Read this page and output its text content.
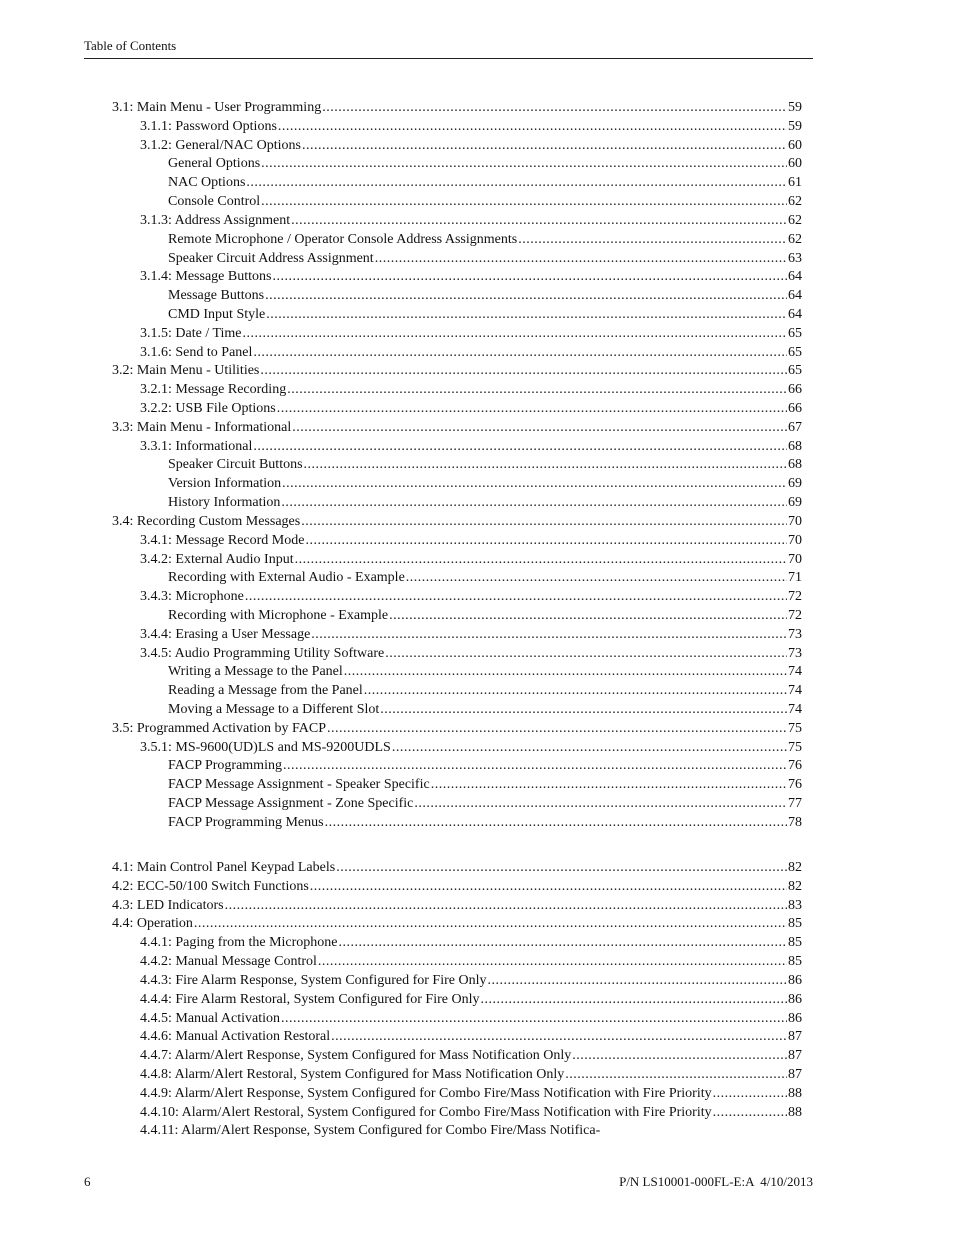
Table of Contents
3.1: Main Menu - User Programming .....	59
3.1.1: Password Options .....	59
3.1.2: General/NAC Options .....	60
General Options .....	60
NAC Options .....	61
Console Control .....	62
3.1.3: Address Assignment .....	62
Remote Microphone / Operator Console Address Assignments .....	62
Speaker Circuit Address Assignment .....	63
3.1.4: Message Buttons .....	64
Message Buttons .....	64
CMD Input Style .....	64
3.1.5: Date / Time .....	65
3.1.6: Send to Panel .....	65
3.2: Main Menu - Utilities .....	65
3.2.1: Message Recording .....	66
3.2.2: USB File Options .....	66
3.3: Main Menu - Informational .....	67
3.3.1: Informational .....	68
Speaker Circuit Buttons .....	68
Version Information .....	69
History Information .....	69
3.4: Recording Custom Messages .....	70
3.4.1: Message Record Mode .....	70
3.4.2: External Audio Input .....	70
Recording with External Audio - Example .....	71
3.4.3: Microphone .....	72
Recording with Microphone - Example .....	72
3.4.4: Erasing a User Message .....	73
3.4.5: Audio Programming Utility Software .....	73
Writing a Message to the Panel .....	74
Reading a Message from the Panel .....	74
Moving a Message to a Different Slot .....	74
3.5: Programmed Activation by FACP .....	75
3.5.1: MS-9600(UD)LS and MS-9200UDLS .....	75
FACP Programming .....	76
FACP Message Assignment - Speaker Specific .....	76
FACP Message Assignment - Zone Specific .....	77
FACP Programming Menus .....	78
4.1: Main Control Panel Keypad Labels .....	82
4.2: ECC-50/100 Switch Functions .....	82
4.3: LED Indicators .....	83
4.4: Operation .....	85
4.4.1: Paging from the Microphone .....	85
4.4.2: Manual Message Control .....	85
4.4.3: Fire Alarm Response, System Configured for Fire Only .....	86
4.4.4: Fire Alarm Restoral, System Configured for Fire Only .....	86
4.4.5: Manual Activation .....	86
4.4.6: Manual Activation Restoral .....	87
4.4.7: Alarm/Alert Response, System Configured for Mass Notification Only .....	87
4.4.8: Alarm/Alert Restoral, System Configured for Mass Notification Only .....	87
4.4.9: Alarm/Alert Response, System Configured for Combo Fire/Mass Notification with Fire Priority .....	88
4.4.10: Alarm/Alert Restoral, System Configured for Combo Fire/Mass Notification with Fire Priority .....	88
4.4.11: Alarm/Alert Response, System Configured for Combo Fire/Mass Notifica-
6	P/N LS10001-000FL-E:A  4/10/2013
